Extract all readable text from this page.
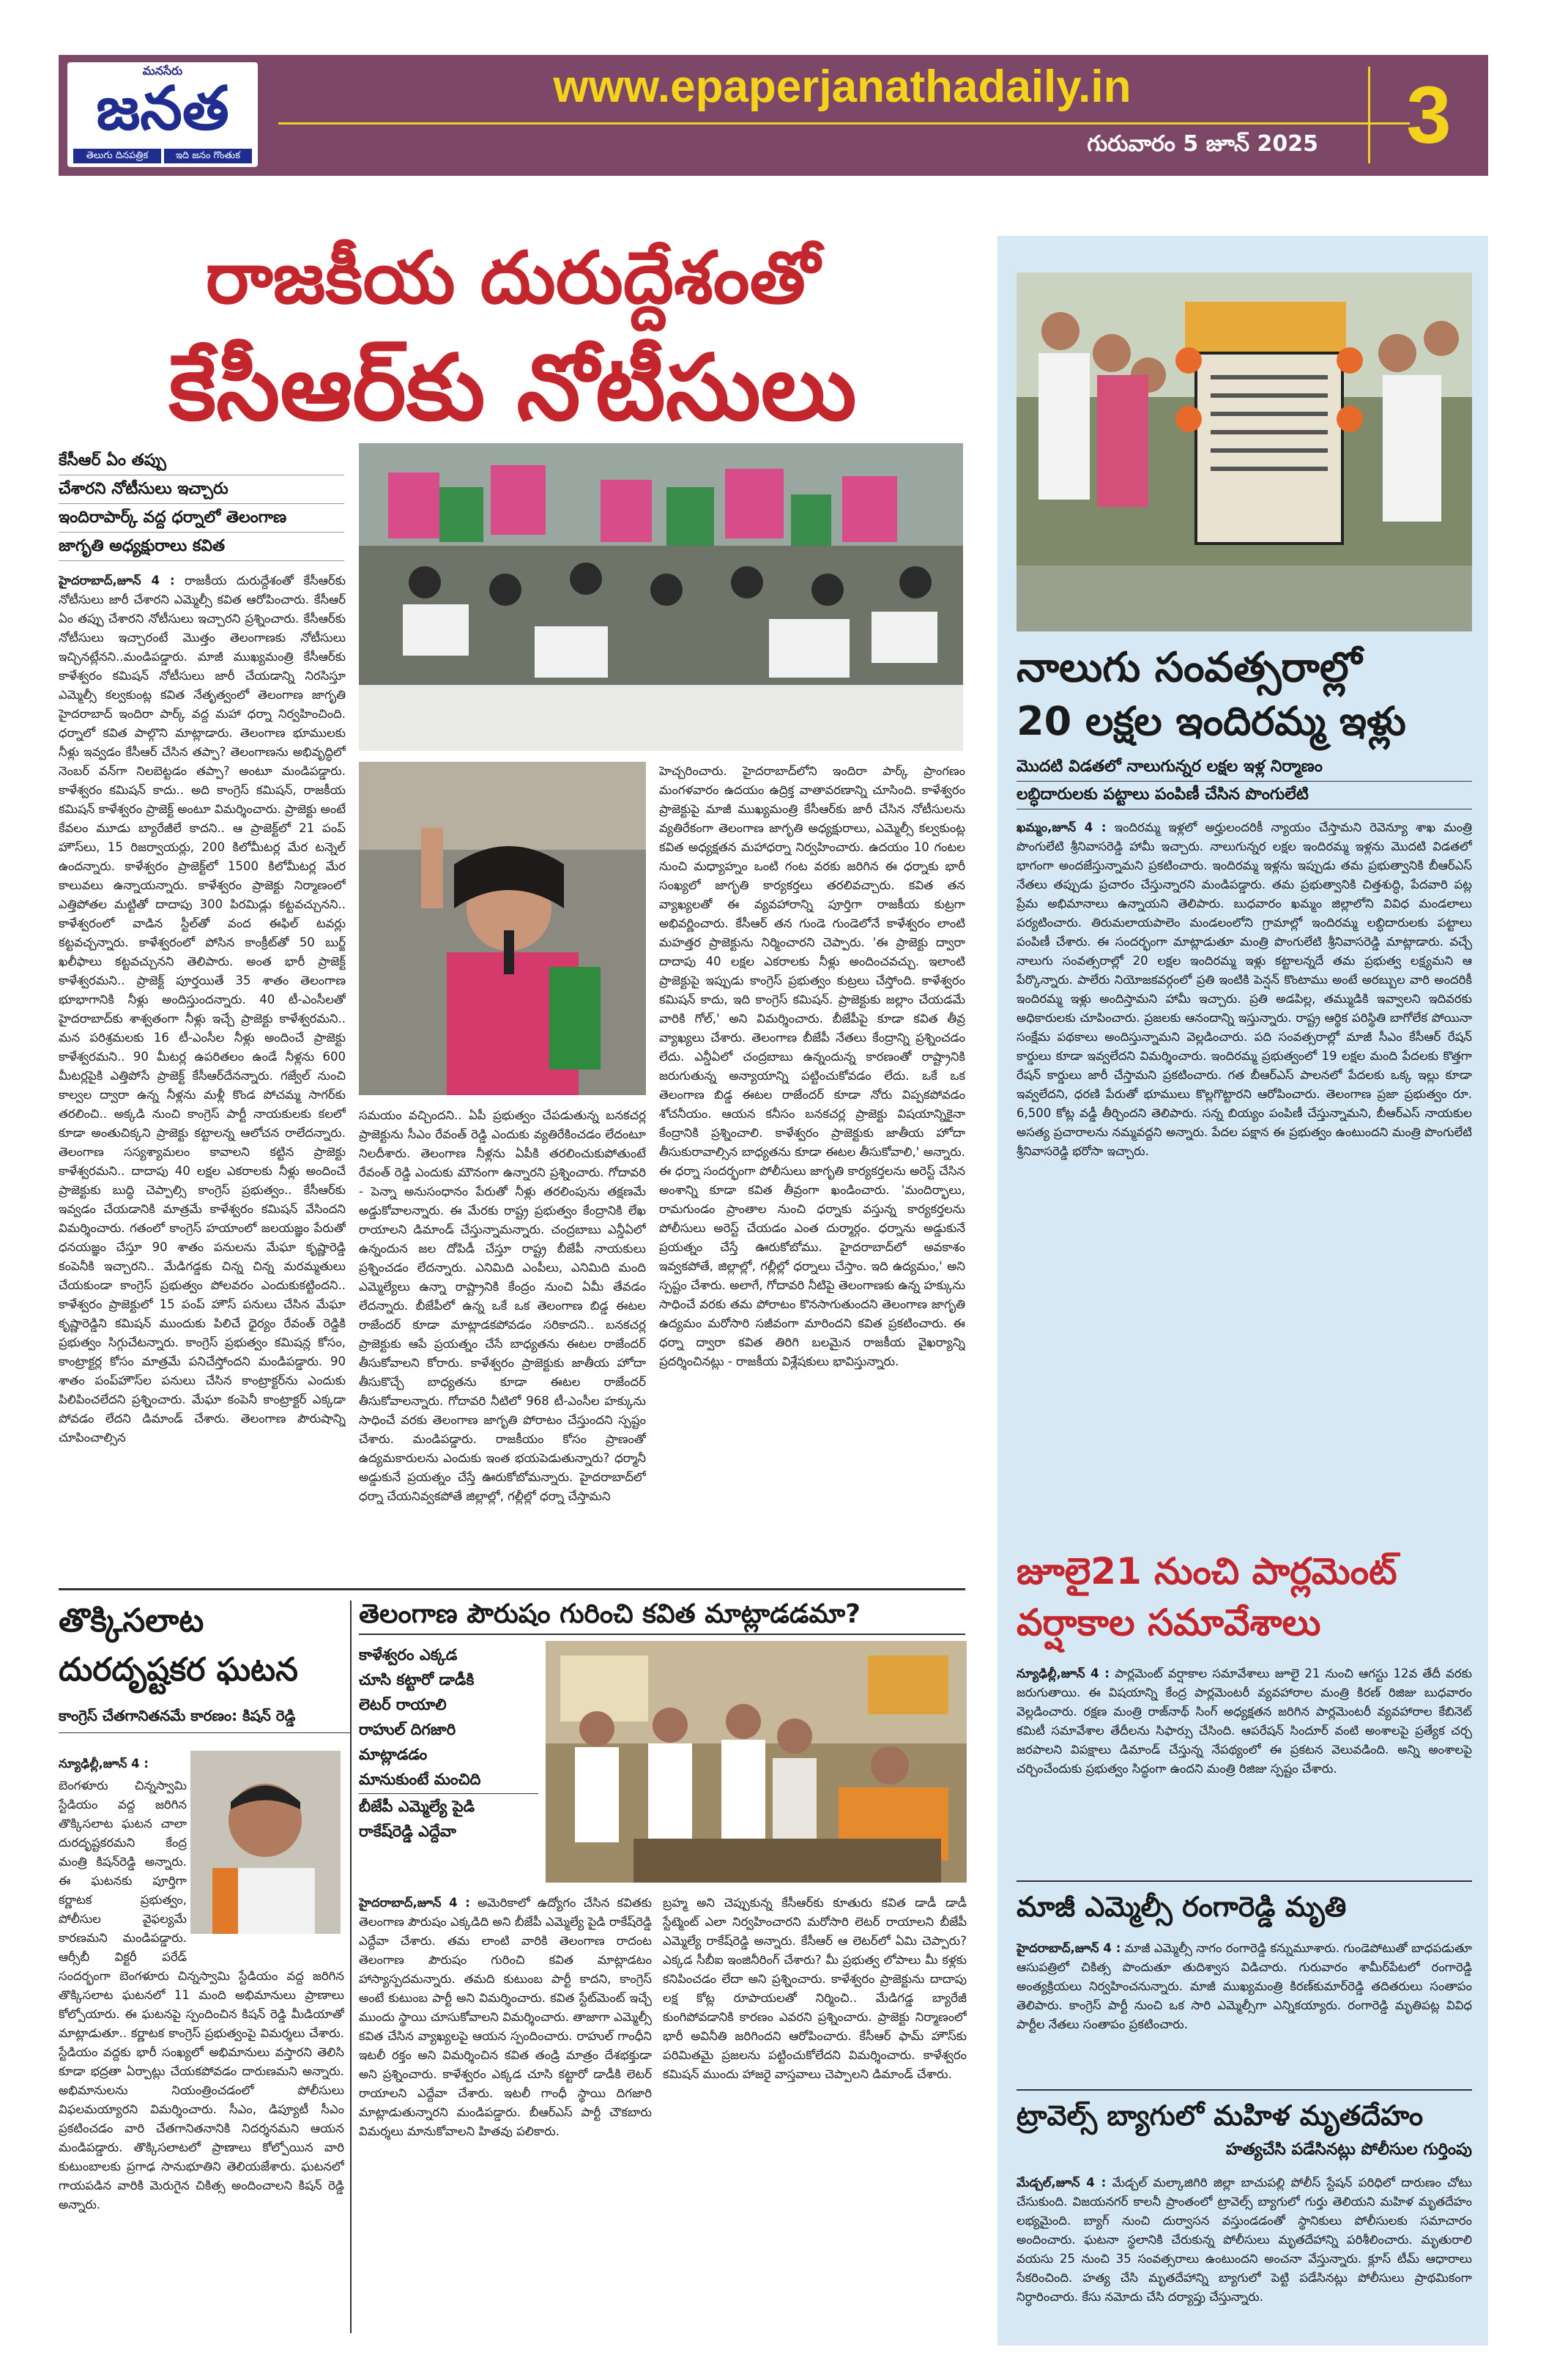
మనసేరు
జనత
తెలుగు దినపత్రిక	ఇది జనం గొంతుక
www.epaperjanathadaily.in
గురువారం 5 జూన్ 2025	3
రాజకీయ దురుద్దేశంతో
కేసీఆర్‌కు నోటీసులు
కేసీఆర్ ఏం తప్పు
చేశారని నోటీసులు ఇచ్చారు
ఇందిరాపార్క్ వద్ద ధర్నాలో తెలంగాణ
జాగృతి అధ్యక్షురాలు కవిత
హైదరాబాద్,జూన్ 4 : రాజకీయ దురుద్దేశంతో కేసీఆర్‌కు నోటీసులు జారీ చేశారని ఎమ్మెల్సీ కవిత ఆరోపించారు. కేసీఆర్ ఏం తప్పు చేశారని నోటీసులు ఇచ్చారని ప్రశ్నించారు. కేసీఆర్‌కు నోటీసులు ఇచ్చారంటే మొత్తం తెలంగాణకు నోటీసులు ఇచ్చినట్లేనని..మండిపడ్డారు. మాజీ ముఖ్యమంత్రి కేసీఆర్‌కు కాళేశ్వరం కమిషన్ నోటీసులు జారీ చేయడాన్ని నిరసిస్తూ ఎమ్మెల్సీ కల్వకుంట్ల కవిత నేతృత్వంలో తెలంగాణ జాగృతి హైదరాబాద్ ఇందిరా పార్క్ వద్ద మహా ధర్నా నిర్వహించింది. ధర్నాలో కవిత పాల్గొని మాట్లాడారు. తెలంగాణ భూములకు నీళ్లు ఇవ్వడం కేసీఆర్ చేసిన తప్పా? తెలంగాణను అభివృద్ధిలో నెంబర్ వన్‌గా నిలబెట్టడం తప్పా? అంటూ మండిపడ్డారు. కాళేశ్వరం కమిషన్ కాదు.. అది కాంగ్రెస్ కమిషన్, రాజకీయ కమిషన్ కాళేశ్వరం ప్రాజెక్ట్ అంటూ విమర్శించారు. ప్రాజెక్టు అంటే కేవలం మూడు బ్యారేజీలే కాదని.. ఆ ప్రాజెక్ట్‌లో 21 పంప్ హౌస్‌లు, 15 రిజర్వాయర్లు, 200 కిలోమీటర్ల మేర టన్నెల్ ఉందన్నారు. కాళేశ్వరం ప్రాజెక్ట్‌లో 1500 కిలోమీటర్ల మేర కాలువలు ఉన్నాయన్నారు. కాళేశ్వరం ప్రాజెక్టు నిర్మాణంలో ఎత్తిపోతల మట్టితో దాదాపు 300 పిరమిడ్లు కట్టవచ్చునని.. కాళేశ్వరంలో వాడిన స్టీల్‌తో వంద ఈఫిల్ టవర్లు కట్టవచ్చన్నారు. కాళేశ్వరంలో పోసిన కాంక్రీట్‌తో 50 బుర్జ్ ఖలీఫాలు కట్టవచ్చునని తెలిపారు. అంత భారీ ప్రాజెక్ట్ కాళేశ్వరమని.. ప్రాజెక్ట్ పూర్తయితే 35 శాతం తెలంగాణ భూభాగానికి నీళ్లు అందిస్తుందన్నారు. 40 టీ-ఎంసీలతో హైదరాబాద్‌కు శాశ్వతంగా నీళ్లు ఇచ్చే ప్రాజెక్టు కాళేశ్వరమని.. మన పరిశ్రమలకు 16 టీ-ఎంసీల నీళ్లు అందించే ప్రాజెక్టు కాళేశ్వరమని.. 90 మీటర్ల ఉపరితలం ఉండే నీళ్లను 600 మీటర్లపైకి ఎత్తిపోసే ప్రాజెక్ట్ కేసీఆర్‌దేనన్నారు. గజ్వేల్ నుంచి కాల్వల ద్వారా ఉన్న నీళ్లను మళ్లీ కొండ పోచమ్మ సాగర్‌కు తరలించి.. అక్కడి నుంచి కాంగ్రెస్ పార్టీ నాయకులకు కలలో కూడా అంతుచిక్కని ప్రాజెక్టు కట్టాలన్న ఆలోచన రాలేదన్నారు. తెలంగాణ సస్యశ్యామలం కావాలని కట్టిన ప్రాజెక్టు కాళేశ్వరమని.. దాదాపు 40 లక్షల ఎకరాలకు నీళ్లు అందించే ప్రాజెక్టుకు బుద్ధి చెప్పాల్సి కాంగ్రెస్ ప్రభుత్వం.. కేసీఆర్‌కు ఇవ్వడం చేయడానికి మాత్రమే కాళేశ్వరం కమిషన్ వేసిందని విమర్శించారు. గతంలో కాంగ్రెస్ హయాంలో జలయజ్ఞం పేరుతో ధనయజ్ఞం చేస్తూ 90 శాతం పనులను మేఘా కృష్ణారెడ్డి కంపెనీకి ఇచ్చారని.. మేడిగడ్డకు చిన్న చిన్న మరమ్మతులు చేయకుండా కాంగ్రెస్ ప్రభుత్వం పోలవరం ఎందుకుకట్టిందని.. కాళేశ్వరం ప్రాజెక్టులో 15 పంప్ హౌస్ పనులు చేసిన మేఘా కృష్ణారెడ్డిని కమిషన్ ముందుకు పిలిచే ధైర్యం రేవంత్ రెడ్డికి ప్రభుత్వం సిగ్గుచేటన్నారు. కాంగ్రెస్ ప్రభుత్వం కమిషన్ల కోసం, కాంట్రాక్టర్ల కోసం మాత్రమే పనిచేస్తోందని మండిపడ్డారు. 90 శాతం పంప్‌హౌస్‌ల పనులు చేసిన కాంట్రాక్టర్‌ను ఎందుకు పిలిపించలేదని ప్రశ్నించారు. మేఘా కంపెనీ కాంట్రాక్టర్ ఎక్కడా పోవడం లేదని డిమాండ్ చేశారు. తెలంగాణ పౌరుషాన్ని చూపించాల్సిన
సమయం వచ్చిందని.. ఏపీ ప్రభుత్వం చేపడుతున్న బనకచర్ల ప్రాజెక్టును సీఎం రేవంత్ రెడ్డి ఎందుకు వ్యతిరేకించడం లేదంటూ నిలదీశారు. తెలంగాణ నీళ్లను ఏపీకి తరలించుకుపోతుంటే రేవంత్ రెడ్డి ఎందుకు మౌనంగా ఉన్నారని ప్రశ్నించారు. గోదావరి - పెన్నా అనుసంధానం పేరుతో నీళ్లు తరలింపును తక్షణమే అడ్డుకోవాలన్నారు. ఈ మేరకు రాష్ట్ర ప్రభుత్వం కేంద్రానికి లేఖ రాయాలని డిమాండ్ చేస్తున్నామన్నారు. చంద్రబాబు ఎన్డీఏలో ఉన్నందున జల దోపిడీ చేస్తూ రాష్ట్ర బీజేపీ నాయకులు ప్రశ్నించడం లేదన్నారు. ఎనిమిది ఎంపీలు, ఎనిమిది మంది ఎమ్మెల్యేలు ఉన్నా రాష్ట్రానికి కేంద్రం నుంచి ఏమీ తేవడం లేదన్నారు. బీజేపీలో ఉన్న ఒకే ఒక తెలంగాణ బిడ్డ ఈటల రాజేందర్ కూడా మాట్లాడకపోవడం సరికాదని.. బనకచర్ల ప్రాజెక్టుకు ఆపే ప్రయత్నం చేసే బాధ్యతను ఈటల రాజేందర్ తీసుకోవాలని కోరారు. కాళేశ్వరం ప్రాజెక్టుకు జాతీయ హోదా తీసుకొచ్చే బాధ్యతను కూడా ఈటల రాజేందర్ తీసుకోవాలన్నారు. గోదావరి నీటిలో 968 టీ-ఎంసీల హక్కును సాధించే వరకు తెలంగాణ జాగృతి పోరాటం చేస్తుందని స్పష్టం చేశారు. మండిపడ్డారు. రాజకీయం కోసం ప్రాణంతో ఉద్యమకారులను ఎందుకు ఇంత భయపెడుతున్నారు? ధర్మానీ అడ్డుకునే ప్రయత్నం చేస్తే ఊరుకోబోమన్నారు. హైదరాబాద్‌లో ధర్నా చేయనివ్వకపోతే జిల్లాల్లో, గల్లీల్లో ధర్నా చేస్తామని
హెచ్చరించారు. హైదరాబాద్‌లోని ఇందిరా పార్క్ ప్రాంగణం మంగళవారం ఉదయం ఉద్రిక్త వాతావరణాన్ని చూసింది. కాళేశ్వరం ప్రాజెక్టుపై మాజీ ముఖ్యమంత్రి కేసీఆర్‌కు జారీ చేసిన నోటీసులను వ్యతిరేకంగా తెలంగాణ జాగృతి అధ్యక్షురాలు, ఎమ్మెల్సీ కల్వకుంట్ల కవిత అధ్యక్షతన మహాధర్నా నిర్వహించారు. ఉదయం 10 గంటల నుంచి మధ్యాహ్నం ఒంటి గంట వరకు జరిగిన ఈ ధర్నాకు భారీ సంఖ్యలో జాగృతి కార్యకర్తలు తరలివచ్చారు. కవిత తన వ్యాఖ్యలతో ఈ వ్యవహారాన్ని పూర్తిగా రాజకీయ కుట్రగా అభివర్ణించారు. కేసీఆర్ తన గుండె గుండెలోనే కాళేశ్వరం లాంటి మహత్తర ప్రాజెక్టును నిర్మించారని చెప్పారు. 'ఈ ప్రాజెక్టు ద్వారా దాదాపు 40 లక్షల ఎకరాలకు నీళ్లు అందించవచ్చు. ఇలాంటి ప్రాజెక్టుపై ఇప్పుడు కాంగ్రెస్ ప్రభుత్వం కుట్రలు చేస్తోంది. కాళేశ్వరం కమిషన్ కాదు, ఇది కాంగ్రెస్ కమిషన్. ప్రాజెక్టుకు జల్లాం చేయడమే వారికి గోల్,' అని విమర్శించారు. బీజేపీపై కూడా కవిత తీవ్ర వ్యాఖ్యలు చేశారు. తెలంగాణ బీజేపీ నేతలు కేంద్రాన్ని ప్రశ్నించడం లేదు. ఎన్డీఏలో చంద్రబాబు ఉన్నందున్న కారణంతో రాష్ట్రానికి జరుగుతున్న అన్యాయాన్ని పట్టించుకోవడం లేదు. ఒకే ఒక తెలంగాణ బిడ్డ ఈటల రాజేందర్ కూడా నోరు విప్పకపోవడం శోచనీయం. ఆయన కనీసం బనకచర్ల ప్రాజెక్టు విషయాన్నికైనా కేంద్రానికి ప్రశ్నించాలి. కాళేశ్వరం ప్రాజెక్టుకు జాతీయ హోదా తీసుకురావాల్సిన బాధ్యతను కూడా ఈటల తీసుకోవాలి,' అన్నారు. ఈ ధర్నా సందర్భంగా పోలీసులు జాగృతి కార్యకర్తలను అరెస్ట్ చేసిన అంశాన్ని కూడా కవిత తీవ్రంగా ఖండించారు. 'మందిర్భాలు, రామగుండం ప్రాంతాల నుంచి ధర్నాకు వస్తున్న కార్యకర్తలను పోలీసులు అరెస్ట్ చేయడం ఎంత దుర్మార్గం. ధర్నాను అడ్డుకునే ప్రయత్నం చేస్తే ఊరుకోబోము. హైదరాబాద్‌లో అవకాశం ఇవ్వకపోతే, జిల్లాల్లో, గల్లీల్లో ధర్నాలు చేస్తాం. ఇది ఉద్యమం,' అని స్పష్టం చేశారు. అలాగే, గోదావరి నీటిపై తెలంగాణకు ఉన్న హక్కును సాధించే వరకు తమ పోరాటం కొనసాగుతుందని తెలంగాణ జాగృతి ఉద్యమం మరోసారి సజీవంగా మారిందని కవిత ప్రకటించారు. ఈ ధర్నా ద్వారా కవిత తిరిగి బలమైన రాజకీయ వైఖర్యాన్ని ప్రదర్శించినట్లు - రాజకీయ విశ్లేషకులు భావిస్తున్నారు.
తొక్కిసలాట
దురదృష్టకర ఘటన
కాంగ్రెస్ చేతగానితనమే కారణం: కిషన్ రెడ్డి
న్యూఢిల్లీ,జూన్ 4 :
బెంగళూరు చిన్నస్వామి స్టేడియం వద్ద జరిగిన తొక్కిసలాట ఘటన చాలా దురదృష్టకరమని కేంద్ర మంత్రి కిషన్‌రెడ్డి అన్నారు. ఈ ఘటనకు పూర్తిగా కర్ణాటక ప్రభుత్వం, పోలీసుల వైఫల్యమే కారణమని మండిపడ్డారు. ఆర్సీబీ విక్టరీ పరేడ్ సందర్భంగా బెంగళూరు చిన్నస్వామి స్టేడియం వద్ద జరిగిన తొక్కిసలాట ఘటనలో 11 మంది అభిమానులు ప్రాణాలు కోల్పోయారు. ఈ ఘటనపై స్పందించిన కిషన్ రెడ్డి మీడియాతో మాట్లాడుతూ.. కర్ణాటక కాంగ్రెస్ ప్రభుత్వంపై విమర్శలు చేశారు. స్టేడియం వద్దకు భారీ సంఖ్యలో అభిమానులు వస్తారని తెలిసి కూడా భద్రతా ఏర్పాట్లు చేయకపోవడం దారుణమని అన్నారు. అభిమానులను నియంత్రించడంలో పోలీసులు విఫలమయ్యారని విమర్శించారు. సీఎం, డిప్యూటీ సీఎం ప్రకటించడం వారి చేతగానితనానికి నిదర్శనమని ఆయన మండిపడ్డారు. తొక్కిసలాటలో ప్రాణాలు కోల్పోయిన వారి కుటుంబాలకు ప్రగాఢ సానుభూతిని తెలియజేశారు. ఘటనలో గాయపడిన వారికి మెరుగైన చికిత్స అందించాలని కిషన్ రెడ్డి అన్నారు.
తెలంగాణ పౌరుషం గురించి కవిత మాట్లాడడమా?
కాళేశ్వరం ఎక్కడ
చూసి కట్టారో డాడీకి
లెటర్ రాయాలి
రాహుల్ దిగజారి
మాట్లాడడం
మానుకుంటే మంచిది
బీజేపీ ఎమ్మెల్యే పైడి
రాకేష్‌రెడ్డి ఎద్దేవా
హైదరాబాద్,జూన్ 4 : అమెరికాలో ఉద్యోగం చేసిన కవితకు తెలంగాణ పౌరుషం ఎక్కడిది అని బీజేపీ ఎమ్మెల్యే పైడి రాకేష్‌రెడ్డి ఎద్దేవా చేశారు. తమ లాంటి వారికి తెలంగాణ రాదంట తెలంగాణ పౌరుషం గురించి కవిత మాట్లాడటం హాస్యాస్పదమన్నారు. తమది కుటుంబ పార్టీ కాదని, కాంగ్రెస్ అంటే కుటుంబ పార్టీ అని విమర్శించారు. కవిత స్టేట్‌మెంట్ ఇచ్చే ముందు స్థాయి చూసుకోవాలని విమర్శించారు. తాజాగా ఎమ్మెల్సీ కవిత చేసిన వ్యాఖ్యలపై ఆయన స్పందించారు. రాహుల్ గాంధీని ఇటలీ రక్తం అని విమర్శించిన కవిత తండ్రి మాత్రం దేశభక్తుడా అని ప్రశ్నించారు. కాళేశ్వరం ఎక్కడ చూసి కట్టారో డాడీకి లెటర్ రాయాలని ఎద్దేవా చేశారు. ఇటలీ గాంధీ స్థాయి దిగజారి మాట్లాడుతున్నారని మండిపడ్డారు. బీఆర్ఎస్ పార్టీ చౌకబారు విమర్శలు మానుకోవాలని హితవు పలికారు.
బ్రహ్మ అని చెప్పుకున్న కేసీఆర్‌కు కూతురు కవిత డాడీ డాడీ స్టేట్మెంట్ ఎలా నిర్వహించారని మరోసారి లెటర్ రాయాలని బీజేపీ ఎమ్మెల్యే రాకేష్‌రెడ్డి అన్నారు. కేసీఆర్ ఆ లెటర్‌లో ఏమి చెప్పారు? ఎక్కడ సీబీఐ ఇంజినీరింగ్ చేశారు? మీ ప్రభుత్వ లోపాలు మీ కళ్లకు కనిపించడం లేదా అని ప్రశ్నించారు. కాళేశ్వరం ప్రాజెక్టును దాదాపు లక్ష కోట్ల రూపాయలతో నిర్మించి.. మేడిగడ్డ బ్యారేజీ కుంగిపోవడానికి కారణం ఎవరని ప్రశ్నించారు. ప్రాజెక్టు నిర్మాణంలో భారీ అవినీతి జరిగిందని ఆరోపించారు. కేసీఆర్ ఫామ్ హౌస్‌కు పరిమితమై ప్రజలను పట్టించుకోలేదని విమర్శించారు. కాళేశ్వరం కమిషన్ ముందు హాజరై వాస్తవాలు చెప్పాలని డిమాండ్ చేశారు.
నాలుగు సంవత్సరాల్లో
20 లక్షల ఇందిరమ్మ ఇళ్లు
మొదటి విడతలో నాలుగున్నర లక్షల ఇళ్ల నిర్మాణం
లబ్ధిదారులకు పట్టాలు పంపిణీ చేసిన పొంగులేటి
ఖమ్మం,జూన్ 4 : ఇందిరమ్మ ఇళ్లలో అర్హులందరికీ న్యాయం చేస్తామని రెవెన్యూ శాఖ మంత్రి పొంగులేటి శ్రీనివాసరెడ్డి హామీ ఇచ్చారు. నాలుగున్నర లక్షల ఇందిరమ్మ ఇళ్లను మొదటి విడతలో భాగంగా అందజేస్తున్నామని ప్రకటించారు. ఇందిరమ్మ ఇళ్లను ఇప్పుడు తమ ప్రభుత్వానికి బీఆర్ఎస్ నేతలు తప్పుడు ప్రచారం చేస్తున్నారని మండిపడ్డారు. తమ ప్రభుత్వానికి చిత్తశుద్ధి, పేదవారి పట్ల ప్రేమ అభిమానాలు ఉన్నాయని తెలిపారు. బుధవారం ఖమ్మం జిల్లాలోని వివిధ మండలాలు పర్యటించారు. తిరుమలాయపాలెం మండలంలోని గ్రామాల్లో ఇందిరమ్మ లబ్ధిదారులకు పట్టాలు పంపిణీ చేశారు. ఈ సందర్భంగా మాట్లాడుతూ మంత్రి పొంగులేటి శ్రీనివాసరెడ్డి మాట్లాడారు. వచ్చే నాలుగు సంవత్సరాల్లో 20 లక్షల ఇందిరమ్మ ఇళ్లు కట్టాలన్నదే తమ ప్రభుత్వ లక్ష్యమని ఆ పేర్కొన్నారు. పాలేరు నియోజకవర్గంలో ప్రతి ఇంటికి పెన్షన్ కొంటాము అంటే అరబ్బుల వారి అందరికీ ఇందిరమ్మ ఇళ్లు అందిస్తామని హామీ ఇచ్చారు. ప్రతి అడపిల్ల, తమ్ముడికి ఇవ్వాలని ఇదివరకు అధికారులకు చూపించారు. ప్రజలకు ఆనందాన్ని ఇస్తున్నారు. రాష్ట్ర ఆర్థిక పరిస్థితి బాగోలేక పోయినా సంక్షేమ పథకాలు అందిస్తున్నామని వెల్లడించారు. పది సంవత్సరాల్లో మాజీ సీఎం కేసీఆర్ రేషన్ కార్డులు కూడా ఇవ్వలేదని విమర్శించారు. ఇందిరమ్మ ప్రభుత్వంలో 19 లక్షల మంది పేదలకు కొత్తగా రేషన్ కార్డులు జారీ చేస్తామని ప్రకటించారు. గత బీఆర్ఎస్ పాలనలో పేదలకు ఒక్క ఇల్లు కూడా ఇవ్వలేదని, ధరణి పేరుతో భూములు కొల్లగొట్టారని ఆరోపించారు. తెలంగాణ ప్రజా ప్రభుత్వం రూ. 6,500 కోట్ల వడ్డీ తీర్చిందని తెలిపారు. సన్న బియ్యం పంపిణీ చేస్తున్నామని, బీఆర్ఎస్ నాయకుల అసత్య ప్రచారాలను నమ్మవద్దని అన్నారు. పేదల పక్షాన ఈ ప్రభుత్వం ఉంటుందని మంత్రి పొంగులేటి శ్రీనివాసరెడ్డి భరోసా ఇచ్చారు.
జూలై21 నుంచి పార్లమెంట్
వర్షాకాల సమావేశాలు
న్యూఢిల్లీ,జూన్ 4 : పార్లమెంట్ వర్షాకాల సమావేశాలు జూలై 21 నుంచి ఆగస్టు 12వ తేదీ వరకు జరుగుతాయి. ఈ విషయాన్ని కేంద్ర పార్లమెంటరీ వ్యవహారాల మంత్రి కిరణ్ రిజిజు బుధవారం వెల్లడించారు. రక్షణ మంత్రి రాజ్‌నాథ్ సింగ్ అధ్యక్షతన జరిగిన పార్లమెంటరీ వ్యవహారాల కేబినెట్ కమిటీ సమావేశాల తేదీలను సిఫార్సు చేసింది. ఆపరేషన్ సిందూర్ వంటి అంశాలపై ప్రత్యేక చర్చ జరపాలని విపక్షాలు డిమాండ్ చేస్తున్న నేపథ్యంలో ఈ ప్రకటన వెలువడింది. అన్ని అంశాలపై చర్చించేందుకు ప్రభుత్వం సిద్ధంగా ఉందని మంత్రి రిజిజు స్పష్టం చేశారు.
మాజీ ఎమ్మెల్సీ రంగారెడ్డి మృతి
హైదరాబాద్,జూన్ 4 : మాజీ ఎమ్మెల్సీ నాగం రంగారెడ్డి కన్నుమూశారు. గుండెపోటుతో బాధపడుతూ ఆసుపత్రిలో చికిత్స పొందుతూ తుదిశ్వాస విడిచారు. గురువారం శామీర్‌పేటలో రంగారెడ్డి అంత్యక్రియలు నిర్వహించనున్నారు. మాజీ ముఖ్యమంత్రి కిరణ్‌కుమార్‌రెడ్డి తదితరులు సంతాపం తెలిపారు. కాంగ్రెస్ పార్టీ నుంచి ఒక సారి ఎమ్మెల్సీగా ఎన్నికయ్యారు. రంగారెడ్డి మృతిపట్ల వివిధ పార్టీల నేతలు సంతాపం ప్రకటించారు.
ట్రావెల్స్ బ్యాగులో మహిళ మృతదేహం
హత్యచేసి పడేసినట్లు పోలీసుల గుర్తింపు
మేడ్చల్,జూన్ 4 : మేడ్చల్ మల్కాజిగిరి జిల్లా బాచుపల్లి పోలీస్ స్టేషన్ పరిధిలో దారుణం చోటు చేసుకుంది. విజయనగర్ కాలనీ ప్రాంతంలో ట్రావెల్స్ బ్యాగులో గుర్తు తెలియని మహిళ మృతదేహం లభ్యమైంది. బ్యాగ్ నుంచి దుర్వాసన వస్తుండడంతో స్థానికులు పోలీసులకు సమాచారం అందించారు. ఘటనా స్థలానికి చేరుకున్న పోలీసులు మృతదేహాన్ని పరిశీలించారు. మృతురాలి వయసు 25 నుంచి 35 సంవత్సరాలు ఉంటుందని అంచనా వేస్తున్నారు. క్లూస్ టీమ్ ఆధారాలు సేకరించింది. హత్య చేసి మృతదేహాన్ని బ్యాగులో పెట్టి పడేసినట్లు పోలీసులు ప్రాథమికంగా నిర్ధారించారు. కేసు నమోదు చేసి దర్యాప్తు చేస్తున్నారు.
